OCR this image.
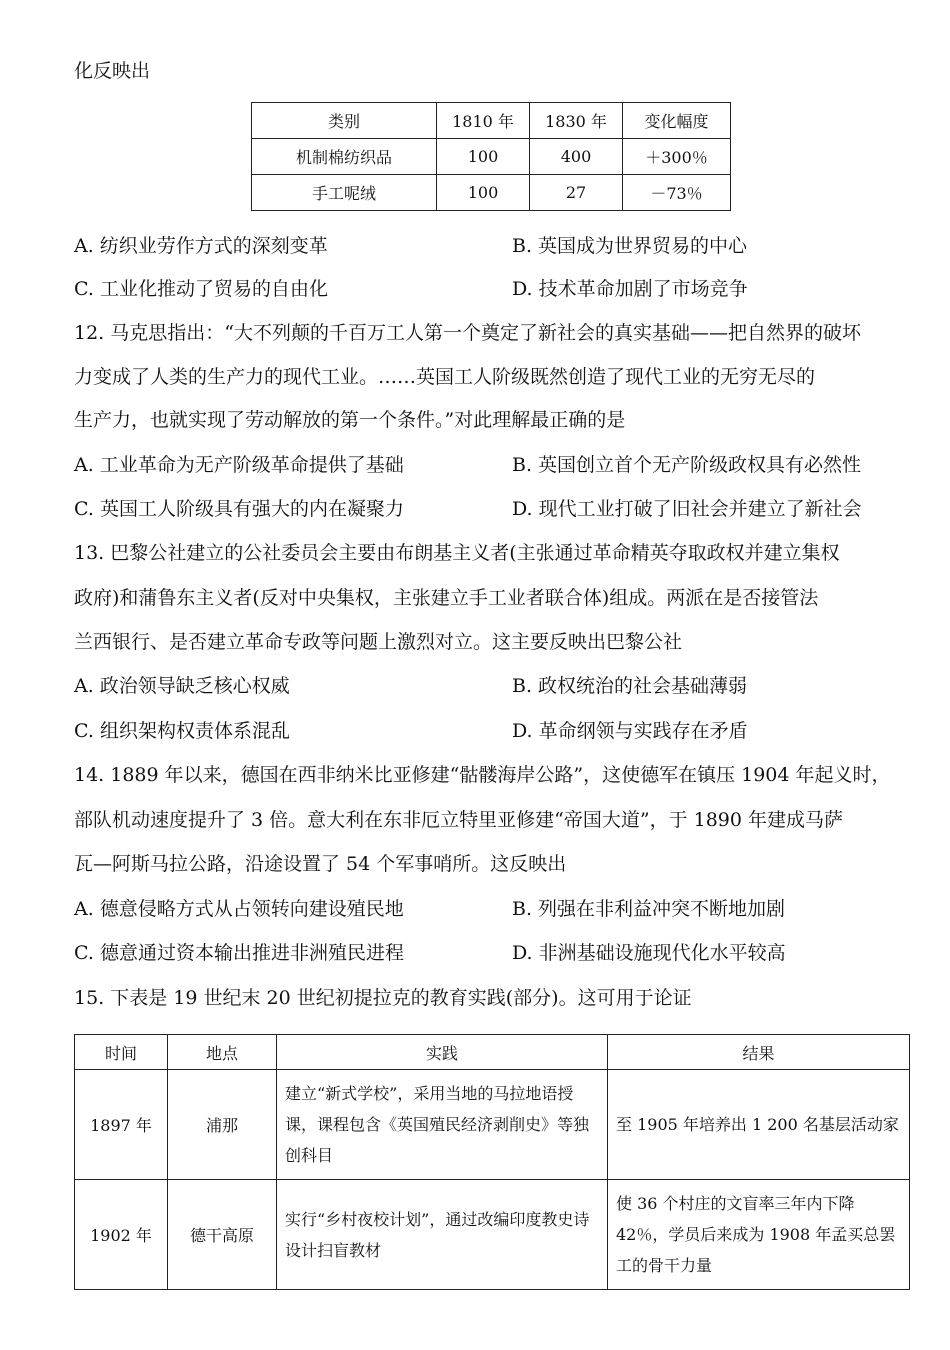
化反映出
类别	1810 年	1830 年	变化幅度
机制棉纺织品	100	400	＋300％
手工呢绒	100	27	－73％
A. 纺织业劳作方式的深刻变革	B. 英国成为世界贸易的中心
C. 工业化推动了贸易的自由化	D. 技术革命加剧了市场竞争
12. 马克思指出：“大不列颠的千百万工人第一个奠定了新社会的真实基础——把自然界的破坏
力变成了人类的生产力的现代工业。……英国工人阶级既然创造了现代工业的无穷无尽的
生产力，也就实现了劳动解放的第一个条件。”对此理解最正确的是
A. 工业革命为无产阶级革命提供了基础	B. 英国创立首个无产阶级政权具有必然性
C. 英国工人阶级具有强大的内在凝聚力	D. 现代工业打破了旧社会并建立了新社会
13. 巴黎公社建立的公社委员会主要由布朗基主义者(主张通过革命精英夺取政权并建立集权
政府)和蒲鲁东主义者(反对中央集权，主张建立手工业者联合体)组成。两派在是否接管法
兰西银行、是否建立革命专政等问题上激烈对立。这主要反映出巴黎公社
A. 政治领导缺乏核心权威	B. 政权统治的社会基础薄弱
C. 组织架构权责体系混乱	D. 革命纲领与实践存在矛盾
14. 1889 年以来，德国在西非纳米比亚修建“骷髅海岸公路”，这使德军在镇压 1904 年起义时，
部队机动速度提升了 3 倍。意大利在东非厄立特里亚修建“帝国大道”，于 1890 年建成马萨
瓦—阿斯马拉公路，沿途设置了 54 个军事哨所。这反映出
A. 德意侵略方式从占领转向建设殖民地	B. 列强在非利益冲突不断地加剧
C. 德意通过资本输出推进非洲殖民进程	D. 非洲基础设施现代化水平较高
15. 下表是 19 世纪末 20 世纪初提拉克的教育实践(部分)。这可用于论证
时间	地点	实践	结果
1897 年	浦那	建立“新式学校”，采用当地的马拉地语授课，课程包含《英国殖民经济剥削史》等独创科目	至 1905 年培养出 1 200 名基层活动家
1902 年	德干高原	实行“乡村夜校计划”，通过改编印度教史诗设计扫盲教材	使 36 个村庄的文盲率三年内下降 42％，学员后来成为 1908 年孟买总罢工的骨干力量
